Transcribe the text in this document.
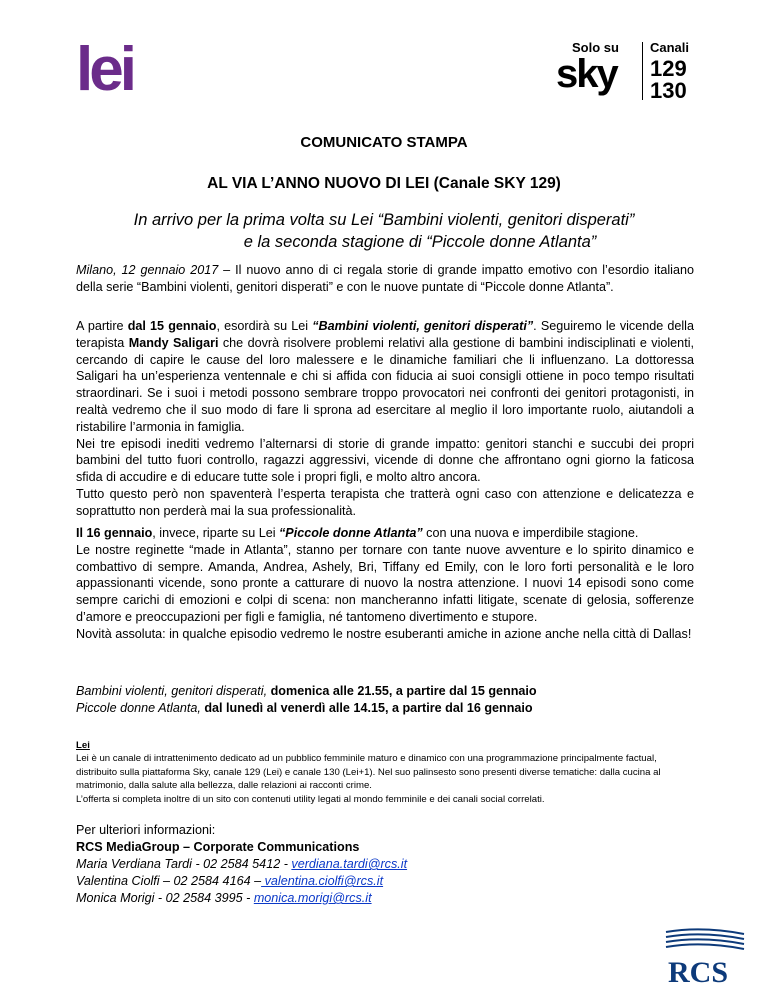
lei	Solo su
sky
Canali
129
130
COMUNICATO STAMPA
AL VIA L’ANNO NUOVO DI LEI (Canale SKY 129)
In arrivo per la prima volta su Lei “Bambini violenti, genitori disperati”
e la seconda stagione di “Piccole donne Atlanta”

Milano, 12 gennaio 2017 – Il nuovo anno di ci regala storie di grande impatto emotivo con l’esordio italiano della serie “Bambini violenti, genitori disperati” e con le nuove puntate di “Piccole donne Atlanta”.

A partire dal 15 gennaio, esordirà su Lei “Bambini violenti, genitori disperati”. Seguiremo le vicende della terapista Mandy Saligari che dovrà risolvere problemi relativi alla gestione di bambini indisciplinati e violenti, cercando di capire le cause del loro malessere e le dinamiche familiari che li influenzano. La dottoressa Saligari ha un’esperienza ventennale e chi si affida con fiducia ai suoi consigli ottiene in poco tempo risultati straordinari. Se i suoi i metodi possono sembrare troppo provocatori nei confronti dei genitori protagonisti, in realtà vedremo che il suo modo di fare li sprona ad esercitare al meglio il loro importante ruolo, aiutandoli a ristabilire l’armonia in famiglia.

Nei tre episodi inediti vedremo l’alternarsi di storie di grande impatto: genitori stanchi e succubi dei propri bambini del tutto fuori controllo, ragazzi aggressivi, vicende di donne che affrontano ogni giorno la faticosa sfida di accudire e di educare tutte sole i propri figli, e molto altro ancora.

Tutto questo però non spaventerà l’esperta terapista che tratterà ogni caso con attenzione e delicatezza e soprattutto non perderà mai la sua professionalità.

Il 16 gennaio, invece, riparte su Lei “Piccole donne Atlanta” con una nuova e imperdibile stagione.

Le nostre reginette “made in Atlanta”, stanno per tornare con tante nuove avventure e lo spirito dinamico e combattivo di sempre. Amanda, Andrea, Ashely, Bri, Tiffany ed Emily, con le loro forti personalità e le loro appassionanti vicende, sono pronte a catturare di nuovo la nostra attenzione. I nuovi 14 episodi sono come sempre carichi di emozioni e colpi di scena: non mancheranno infatti litigate, scenate di gelosia, sofferenze d’amore e preoccupazioni per figli e famiglia, né tantomeno divertimento e stupore.

Novità assoluta: in qualche episodio vedremo le nostre esuberanti amiche in azione anche nella città di Dallas!

Bambini violenti, genitori disperati, domenica alle 21.55, a partire dal 15 gennaio

Piccole donne Atlanta, dal lunedì al venerdì alle 14.15, a partire dal 16 gennaio

Lei

Lei è un canale di intrattenimento dedicato ad un pubblico femminile maturo e dinamico con una programmazione principalmente factual, distribuito sulla piattaforma Sky, canale 129 (Lei) e canale 130 (Lei+1). Nel suo palinsesto sono presenti diverse tematiche: dalla cucina al matrimonio, dalla salute alla bellezza, dalle relazioni ai racconti crime.

L’offerta si completa inoltre di un sito con contenuti utility legati al mondo femminile e dei canali social correlati.

Per ulteriori informazioni:

RCS MediaGroup – Corporate Communications

Maria Verdiana Tardi - 02 2584 5412 - verdiana.tardi@rcs.it

Valentina Ciolfi – 02 2584 4164 – valentina.ciolfi@rcs.it

Monica Morigi - 02 2584 3995 - monica.morigi@rcs.it

RCS
